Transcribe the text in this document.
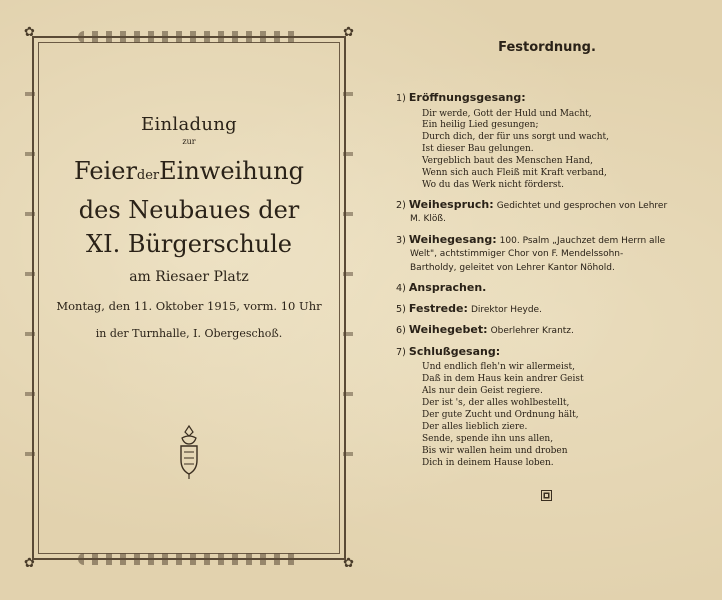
✿	✿
✿	✿
Einladung
zur
FeierderEinweihung
des Neubaues der
XI. Bürgerschule
am Riesaer Platz
Montag, den 11. Oktober 1915, vorm. 10 Uhr
in der Turnhalle, I. Obergeschoß.
Festordnung.
1) Eröffnungsgesang:
Dir werde, Gott der Huld und Macht,
Ein heilig Lied gesungen;
Durch dich, der für uns sorgt und wacht,
Ist dieser Bau gelungen.
Vergeblich baut des Menschen Hand,
Wenn sich auch Fleiß mit Kraft verband,
Wo du das Werk nicht förderst.
2) Weihespruch: Gedichtet und gesprochen von Lehrer
M. Klöß.
3) Weihegesang: 100. Psalm „Jauchzet dem Herrn alle
Welt", achtstimmiger Chor von F. Mendelssohn-
Bartholdy, geleitet von Lehrer Kantor Nöhold.
4) Ansprachen.
5) Festrede: Direktor Heyde.
6) Weihegebet: Oberlehrer Krantz.
7) Schlußgesang:
Und endlich fleh'n wir allermeist,
Daß in dem Haus kein andrer Geist
Als nur dein Geist regiere.
Der ist 's, der alles wohlbestellt,
Der gute Zucht und Ordnung hält,
Der alles lieblich ziere.
Sende, spende ihn uns allen,
Bis wir wallen heim und droben
Dich in deinem Hause loben.
